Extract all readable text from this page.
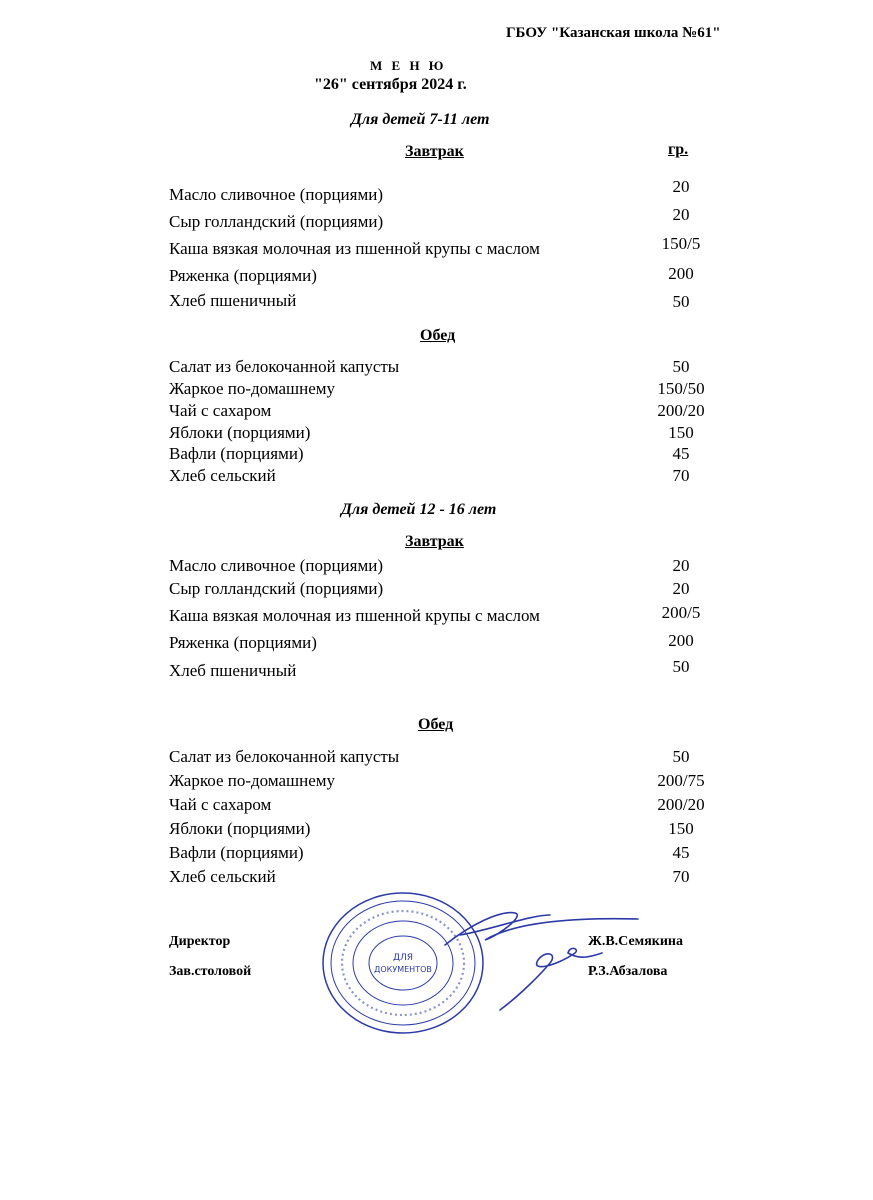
ГБОУ "Казанская школа №61"
М Е Н Ю
"26" сентября 2024 г.
Для детей 7-11 лет
Завтрак	гр.
Масло сливочное (порциями)	20
Сыр голландский (порциями)	20
Каша вязкая молочная из пшенной крупы с маслом	150/5
Ряженка (порциями)	200
Хлеб пшеничный	50
Обед
Салат из белокочанной капусты	50
Жаркое по-домашнему	150/50
Чай с сахаром	200/20
Яблоки (порциями)	150
Вафли (порциями)	45
Хлеб сельский	70
Для детей 12 - 16 лет
Завтрак
Масло сливочное (порциями)	20
Сыр голландский (порциями)	20
Каша вязкая молочная из пшенной крупы с маслом	200/5
Ряженка (порциями)	200
Хлеб пшеничный	50
Обед
Салат из белокочанной капусты	50
Жаркое по-домашнему	200/75
Чай с сахаром	200/20
Яблоки (порциями)	150
Вафли (порциями)	45
Хлеб сельский	70
ДЛЯ
ДОКУМЕНТОВ
Директор	Ж.В.Семякина
Зав.столовой	Р.З.Абзалова
